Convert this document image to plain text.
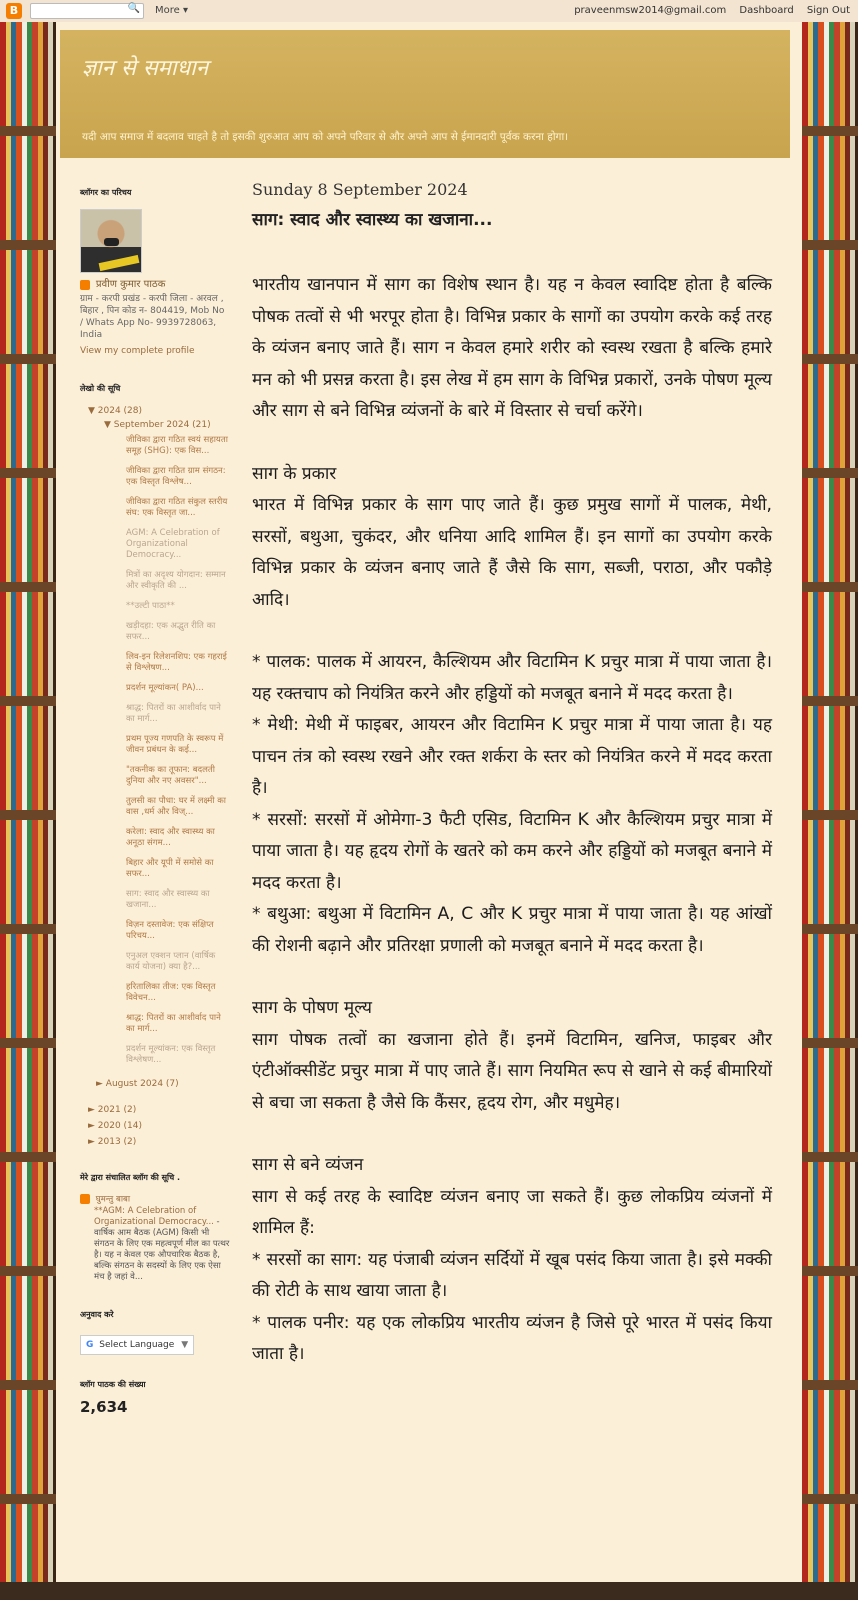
B	🔍 More ▾	praveenmsw2014@gmail.com Dashboard Sign Out
ज्ञान से समाधान
यदी आप समाज में बदलाव चाहते है तो इसकी शुरुआत आप को अपने परिवार से और अपने आप से ईमानदारी पूर्वक करना होगा।
ब्लॉगर का परिचय
प्रवीण कुमार पाठक
ग्राम - करपी प्रखंड - करपी जिला - अरवल , बिहार , पिन कोड न- 804419, Mob No / Whats App No- 9939728063, India
View my complete profile
लेखो की सूचि
▼ 2024 (28)
▼ September 2024 (21)
जीविका द्वारा गठित स्वयं सहायता समूह (SHG): एक विस...
जीविका द्वारा गठित ग्राम संगठन: एक विस्तृत विश्लेष...
जीविका द्वारा गठित संकुल स्तरीय संघ: एक विस्तृत जा...
AGM: A Celebration of Organizational Democracy...
मित्रों का अदृश्य योगदान: सम्मान और स्वीकृति की ...
**उल्टी पाठा**
खड़ीदहा: एक अद्भुत रीति का सफर...
लिव-इन रिलेशनशिप: एक गहराई से विश्लेषण...
प्रदर्शन मूल्यांकन( PA)...
श्राद्ध: पितरों का आशीर्वाद पाने का मार्ग...
प्रथम पूज्य गणपति के स्वरूप में जीवन प्रबंधन के कई...
"तकनीक का तूफान: बदलती दुनिया और नए अवसर"...
तुलसी का पौधा: घर में लक्ष्मी का वास ,धर्म और विज्...
करेला: स्वाद और स्वास्थ्य का अनूठा संगम...
बिहार और यूपी में समोसे का सफर...
साग: स्वाद और स्वास्थ्य का खजाना...
विज़न दस्तावेज: एक संक्षिप्त परिचय...
एनुअल एक्शन प्लान (वार्षिक कार्य योजना) क्या है?...
हरितालिका तीज: एक विस्तृत विवेचन...
श्राद्ध: पितरों का आशीर्वाद पाने का मार्ग...
प्रदर्शन मूल्यांकन: एक विस्तृत विश्लेषण...
► August 2024 (7)
► 2021 (2)
► 2020 (14)
► 2013 (2)
मेरे द्वारा संचालित ब्लॉग की सूचि .
घुमन्तु बाबा
**AGM: A Celebration of Organizational Democracy... - वार्षिक आम बैठक (AGM) किसी भी संगठन के लिए एक महत्वपूर्ण मील का पत्थर है। यह न केवल एक औपचारिक बैठक है, बल्कि संगठन के सदस्यों के लिए एक ऐसा मंच है जहां वे...
अनुवाद करे
G Select Language ▼
ब्लॉग पाठक की संख्या
2,634
Sunday 8 September 2024
साग: स्वाद और स्वास्थ्य का खजाना...

भारतीय खानपान में साग का विशेष स्थान है। यह न केवल स्वादिष्ट होता है बल्कि पोषक तत्वों से भी भरपूर होता है। विभिन्न प्रकार के सागों का उपयोग करके कई तरह के व्यंजन बनाए जाते हैं। साग न केवल हमारे शरीर को स्वस्थ रखता है बल्कि हमारे मन को भी प्रसन्न करता है। इस लेख में हम साग के विभिन्न प्रकारों, उनके पोषण मूल्य और साग से बने विभिन्न व्यंजनों के बारे में विस्तार से चर्चा करेंगे।

साग के प्रकार

भारत में विभिन्न प्रकार के साग पाए जाते हैं। कुछ प्रमुख सागों में पालक, मेथी, सरसों, बथुआ, चुकंदर, और धनिया आदि शामिल हैं। इन सागों का उपयोग करके विभिन्न प्रकार के व्यंजन बनाए जाते हैं जैसे कि साग, सब्जी, पराठा, और पकौड़े आदि।

* पालक: पालक में आयरन, कैल्शियम और विटामिन K प्रचुर मात्रा में पाया जाता है। यह रक्तचाप को नियंत्रित करने और हड्डियों को मजबूत बनाने में मदद करता है।

* मेथी: मेथी में फाइबर, आयरन और विटामिन K प्रचुर मात्रा में पाया जाता है। यह पाचन तंत्र को स्वस्थ रखने और रक्त शर्करा के स्तर को नियंत्रित करने में मदद करता है।

* सरसों: सरसों में ओमेगा-3 फैटी एसिड, विटामिन K और कैल्शियम प्रचुर मात्रा में पाया जाता है। यह हृदय रोगों के खतरे को कम करने और हड्डियों को मजबूत बनाने में मदद करता है।

* बथुआ: बथुआ में विटामिन A, C और K प्रचुर मात्रा में पाया जाता है। यह आंखों की रोशनी बढ़ाने और प्रतिरक्षा प्रणाली को मजबूत बनाने में मदद करता है।

साग के पोषण मूल्य

साग पोषक तत्वों का खजाना होते हैं। इनमें विटामिन, खनिज, फाइबर और एंटीऑक्सीडेंट प्रचुर मात्रा में पाए जाते हैं। साग नियमित रूप से खाने से कई बीमारियों से बचा जा सकता है जैसे कि कैंसर, हृदय रोग, और मधुमेह।

साग से बने व्यंजन

साग से कई तरह के स्वादिष्ट व्यंजन बनाए जा सकते हैं। कुछ लोकप्रिय व्यंजनों में शामिल हैं:

* सरसों का साग: यह पंजाबी व्यंजन सर्दियों में खूब पसंद किया जाता है। इसे मक्की की रोटी के साथ खाया जाता है।

* पालक पनीर: यह एक लोकप्रिय भारतीय व्यंजन है जिसे पूरे भारत में पसंद किया जाता है।
